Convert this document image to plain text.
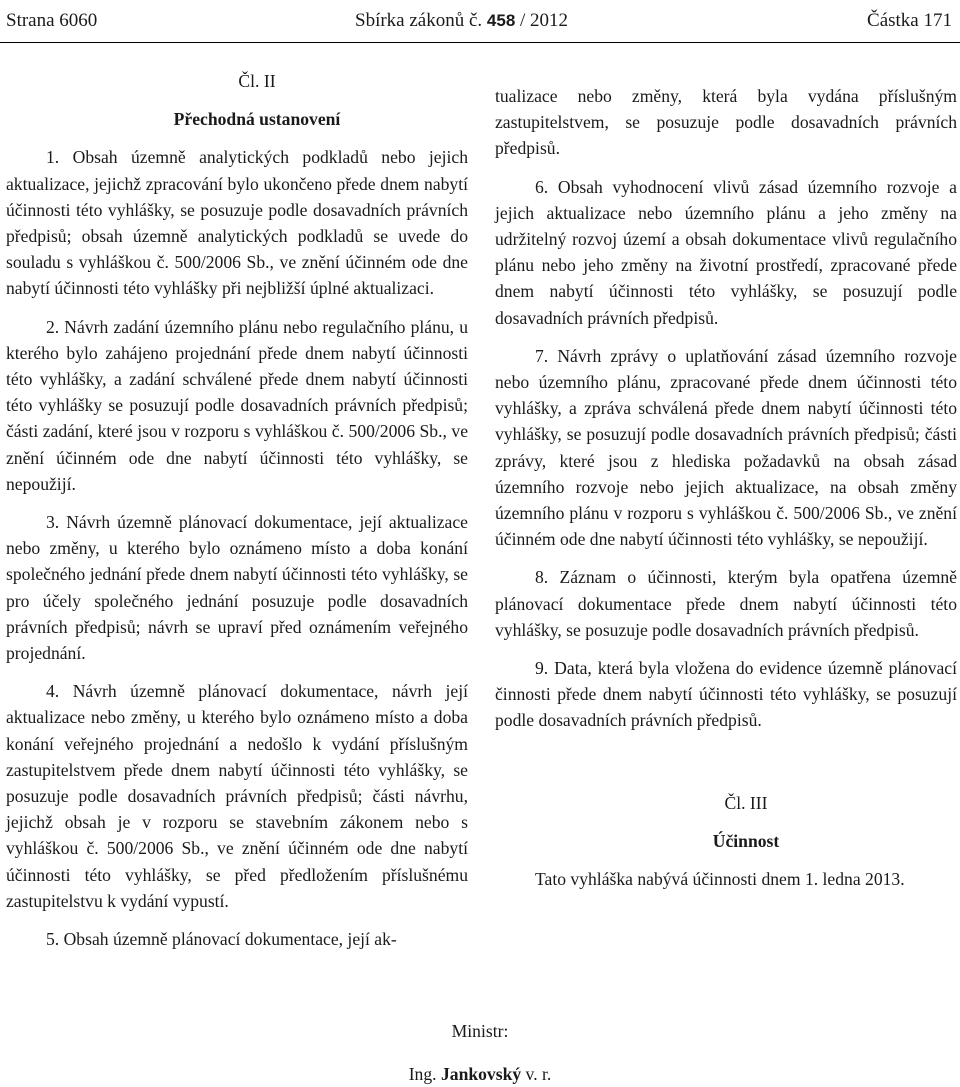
Strana 6060	Sbírka zákonů č. 458 / 2012	Částka 171

Čl. II

Přechodná ustanovení

1. Obsah územně analytických podkladů nebo jejich aktualizace, jejichž zpracování bylo ukončeno přede dnem nabytí účinnosti této vyhlášky, se posuzuje podle dosavadních právních předpisů; obsah územně analytických podkladů se uvede do souladu s vyhláškou č. 500/2006 Sb., ve znění účinném ode dne nabytí účinnosti této vyhlášky při nejbližší úplné aktualizaci.

2. Návrh zadání územního plánu nebo regulačního plánu, u kterého bylo zahájeno projednání přede dnem nabytí účinnosti této vyhlášky, a zadání schválené přede dnem nabytí účinnosti této vyhlášky se posuzují podle dosavadních právních předpisů; části zadání, které jsou v rozporu s vyhláškou č. 500/2006 Sb., ve znění účinném ode dne nabytí účinnosti této vyhlášky, se nepoužijí.

3. Návrh územně plánovací dokumentace, její aktualizace nebo změny, u kterého bylo oznámeno místo a doba konání společného jednání přede dnem nabytí účinnosti této vyhlášky, se pro účely společného jednání posuzuje podle dosavadních právních předpisů; návrh se upraví před oznámením veřejného projednání.

4. Návrh územně plánovací dokumentace, návrh její aktualizace nebo změny, u kterého bylo oznámeno místo a doba konání veřejného projednání a nedošlo k vydání příslušným zastupitelstvem přede dnem nabytí účinnosti této vyhlášky, se posuzuje podle dosavadních právních předpisů; části návrhu, jejichž obsah je v rozporu se stavebním zákonem nebo s vyhláškou č. 500/2006 Sb., ve znění účinném ode dne nabytí účinnosti této vyhlášky, se před předložením příslušnému zastupitelstvu k vydání vypustí.

5. Obsah územně plánovací dokumentace, její ak-

tualizace nebo změny, která byla vydána příslušným zastupitelstvem, se posuzuje podle dosavadních právních předpisů.

6. Obsah vyhodnocení vlivů zásad územního rozvoje a jejich aktualizace nebo územního plánu a jeho změny na udržitelný rozvoj území a obsah dokumentace vlivů regulačního plánu nebo jeho změny na životní prostředí, zpracované přede dnem nabytí účinnosti této vyhlášky, se posuzují podle dosavadních právních předpisů.

7. Návrh zprávy o uplatňování zásad územního rozvoje nebo územního plánu, zpracované přede dnem účinnosti této vyhlášky, a zpráva schválená přede dnem nabytí účinnosti této vyhlášky, se posuzují podle dosavadních právních předpisů; části zprávy, které jsou z hlediska požadavků na obsah zásad územního rozvoje nebo jejich aktualizace, na obsah změny územního plánu v rozporu s vyhláškou č. 500/2006 Sb., ve znění účinném ode dne nabytí účinnosti této vyhlášky, se nepoužijí.

8. Záznam o účinnosti, kterým byla opatřena územně plánovací dokumentace přede dnem nabytí účinnosti této vyhlášky, se posuzuje podle dosavadních právních předpisů.

9. Data, která byla vložena do evidence územně plánovací činnosti přede dnem nabytí účinnosti této vyhlášky, se posuzují podle dosavadních právních předpisů.

Čl. III

Účinnost

Tato vyhláška nabývá účinnosti dnem 1. ledna 2013.

Ministr:
Ing. Jankovský v. r.
